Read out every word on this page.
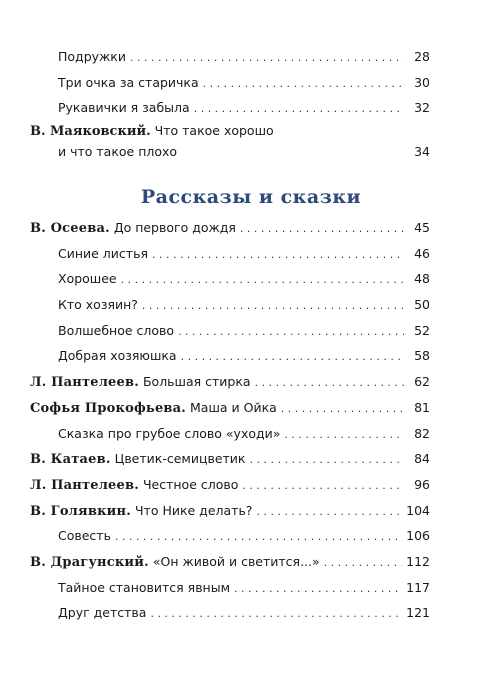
Подружки . . .	28
Три очка за старичка . . .	30
Рукавички я забыла . . .	32
В. Маяковский. Что такое хорошо
и что такое плохо	34
Рассказы и сказки
В. Осеева. До первого дождя . . .	45
Синие листья . . .	46
Хорошее . . .	48
Кто хозяин? . . .	50
Волшебное слово . . .	52
Добрая хозяюшка . . .	58
Л. Пантелеев. Большая стирка . . .	62
Софья Прокофьева. Маша и Ойка . . .	81
Сказка про грубое слово «уходи» . . .	82
В. Катаев. Цветик-семицветик . . .	84
Л. Пантелеев. Честное слово . . .	96
В. Голявкин. Что Нике делать? . . .	104
Совесть . . .	106
В. Драгунский. «Он живой и светится...» . . .	112
Тайное становится явным . . .	117
Друг детства . . .	121
